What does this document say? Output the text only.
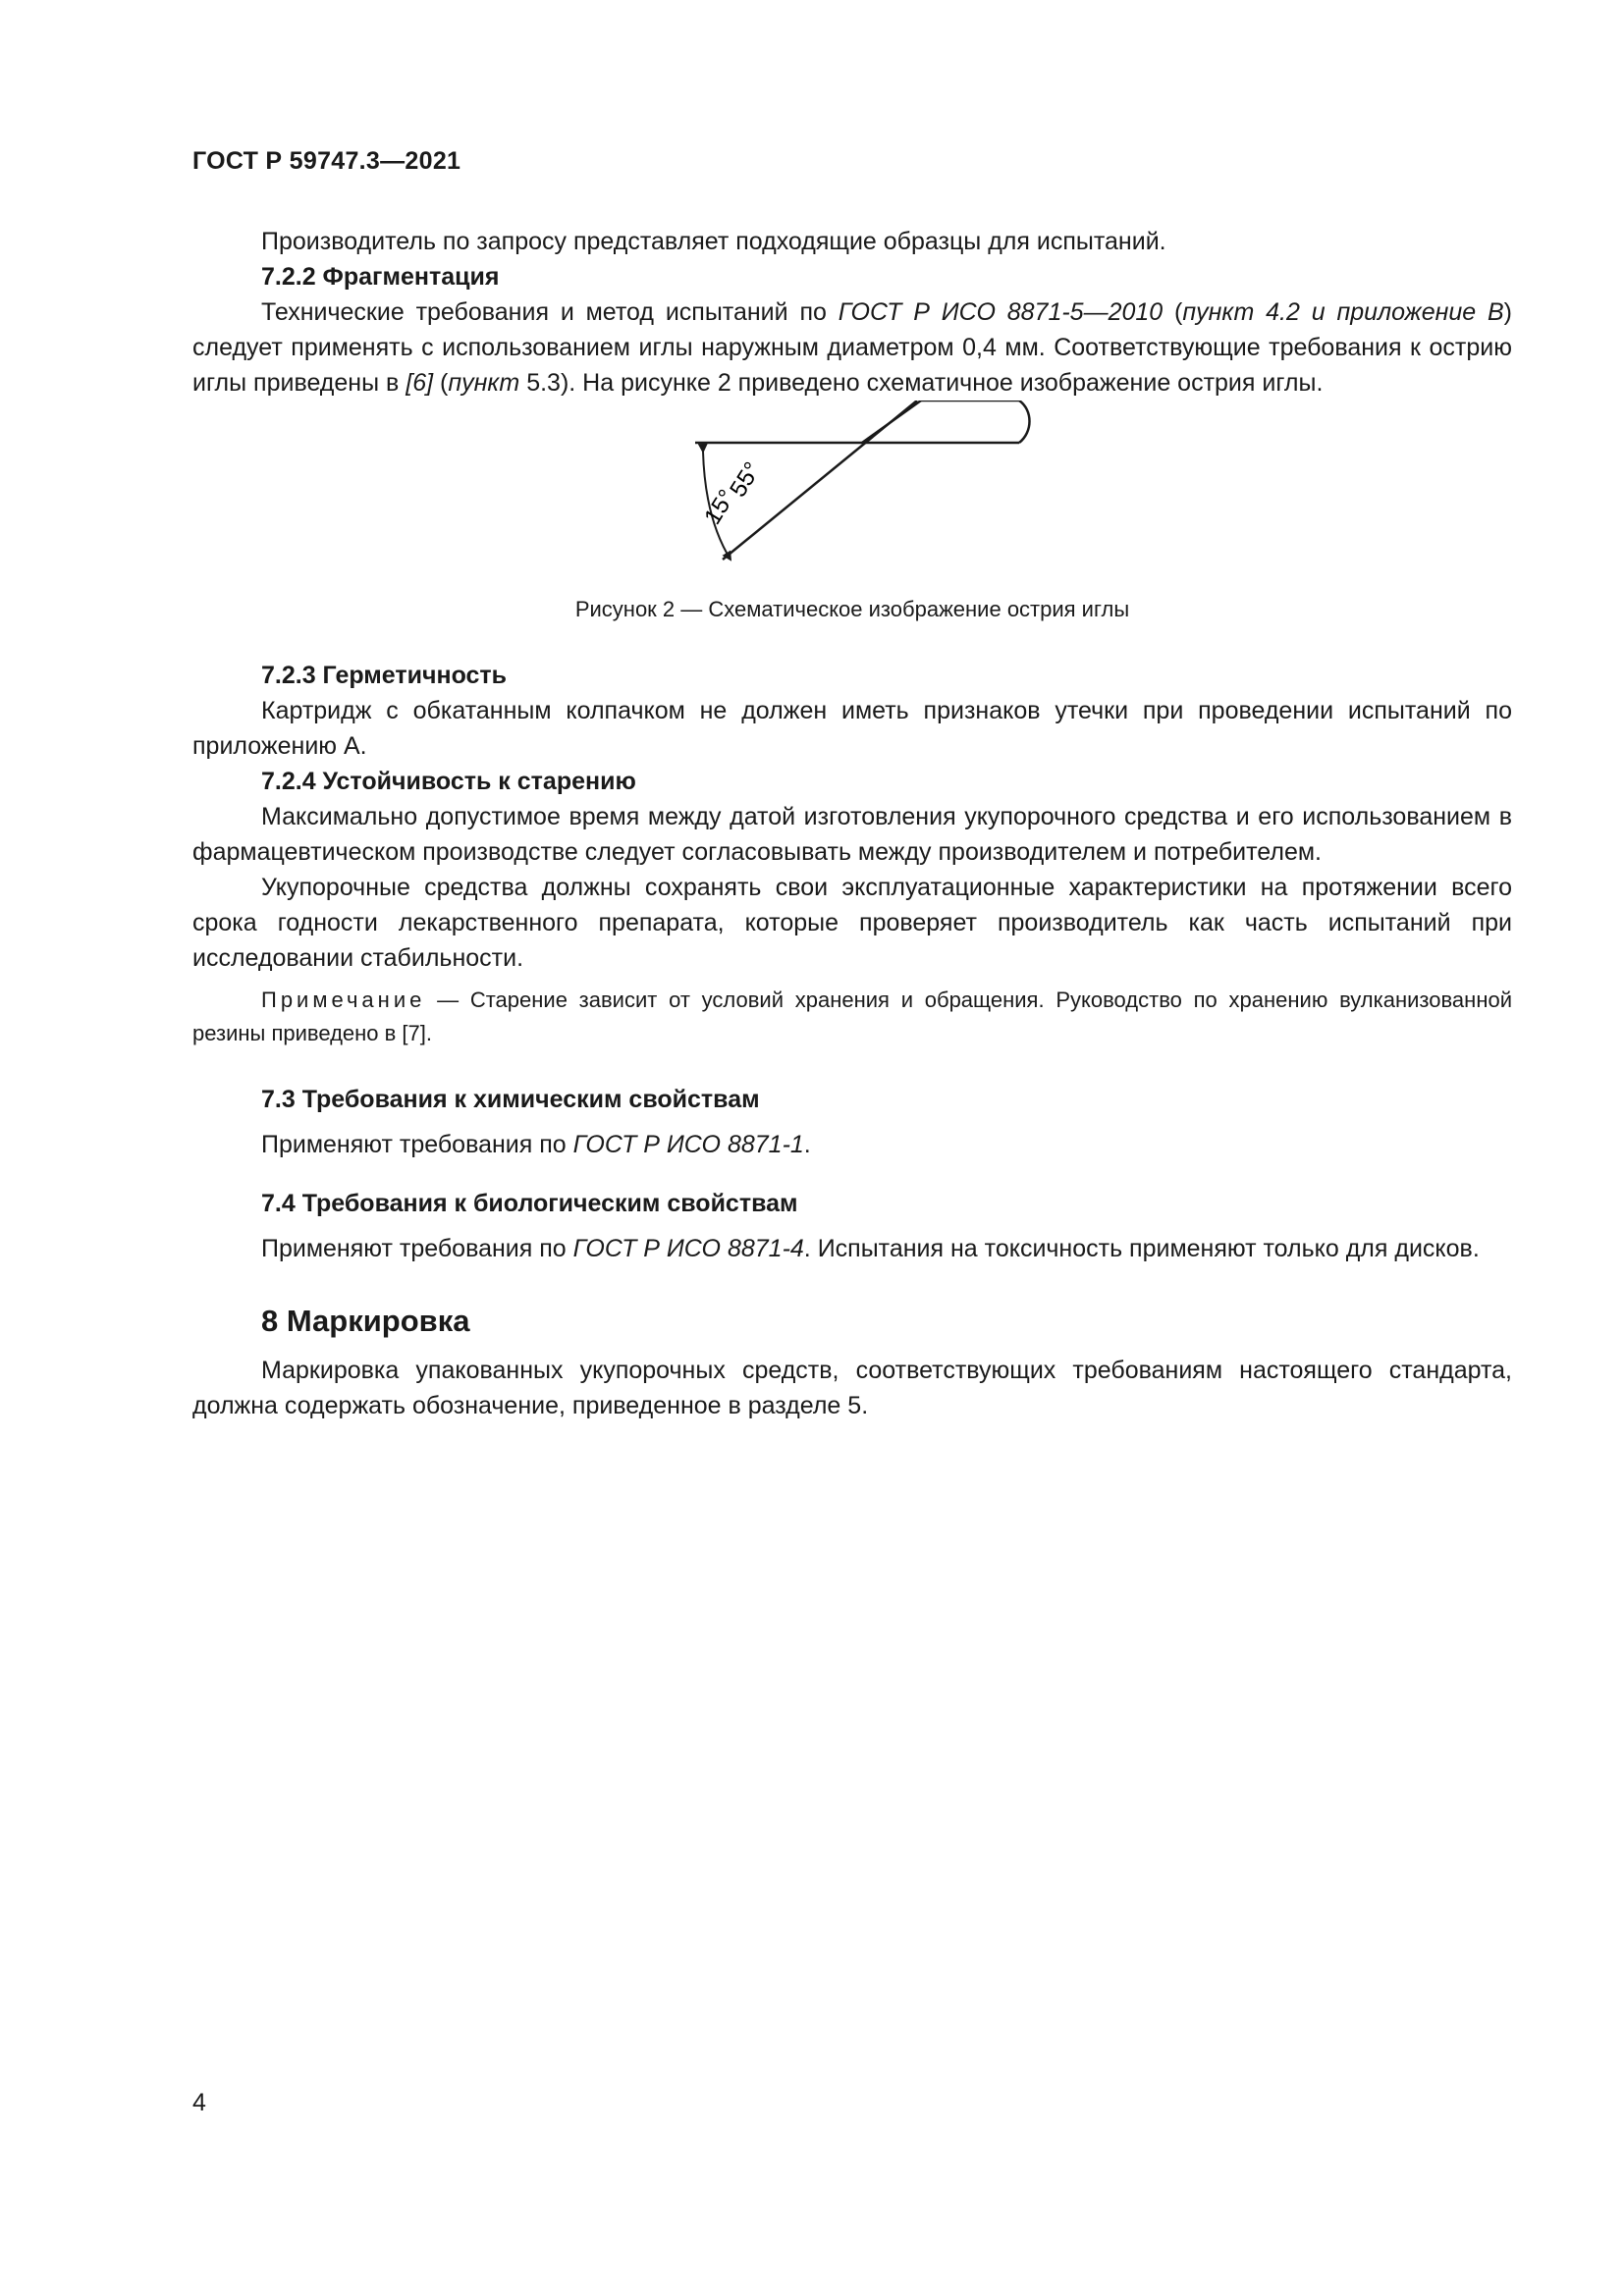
ГОСТ Р 59747.3—2021

Производитель по запросу представляет подходящие образцы для испытаний.

7.2.2 Фрагментация

Технические требования и метод испытаний по ГОСТ Р ИСО 8871-5—2010 (пункт 4.2 и приложение В) следует применять с использованием иглы наружным диаметром 0,4 мм. Соответствующие требования к острию иглы приведены в [6] (пункт 5.3). На рисунке 2 приведено схематичное изображение острия иглы.

55°
15°

Рисунок 2 — Схематическое изображение острия иглы

7.2.3 Герметичность

Картридж с обкатанным колпачком не должен иметь признаков утечки при проведении испытаний по приложению А.

7.2.4 Устойчивость к старению

Максимально допустимое время между датой изготовления укупорочного средства и его использованием в фармацевтическом производстве следует согласовывать между производителем и потребителем.

Укупорочные средства должны сохранять свои эксплуатационные характеристики на протяжении всего срока годности лекарственного препарата, которые проверяет производитель как часть испытаний при исследовании стабильности.

Примечание — Старение зависит от условий хранения и обращения. Руководство по хранению вулканизованной резины приведено в [7].

7.3 Требования к химическим свойствам

Применяют требования по ГОСТ Р ИСО 8871-1.

7.4 Требования к биологическим свойствам

Применяют требования по ГОСТ Р ИСО 8871-4. Испытания на токсичность применяют только для дисков.

8 Маркировка

Маркировка упакованных укупорочных средств, соответствующих требованиям настоящего стандарта, должна содержать обозначение, приведенное в разделе 5.

4
